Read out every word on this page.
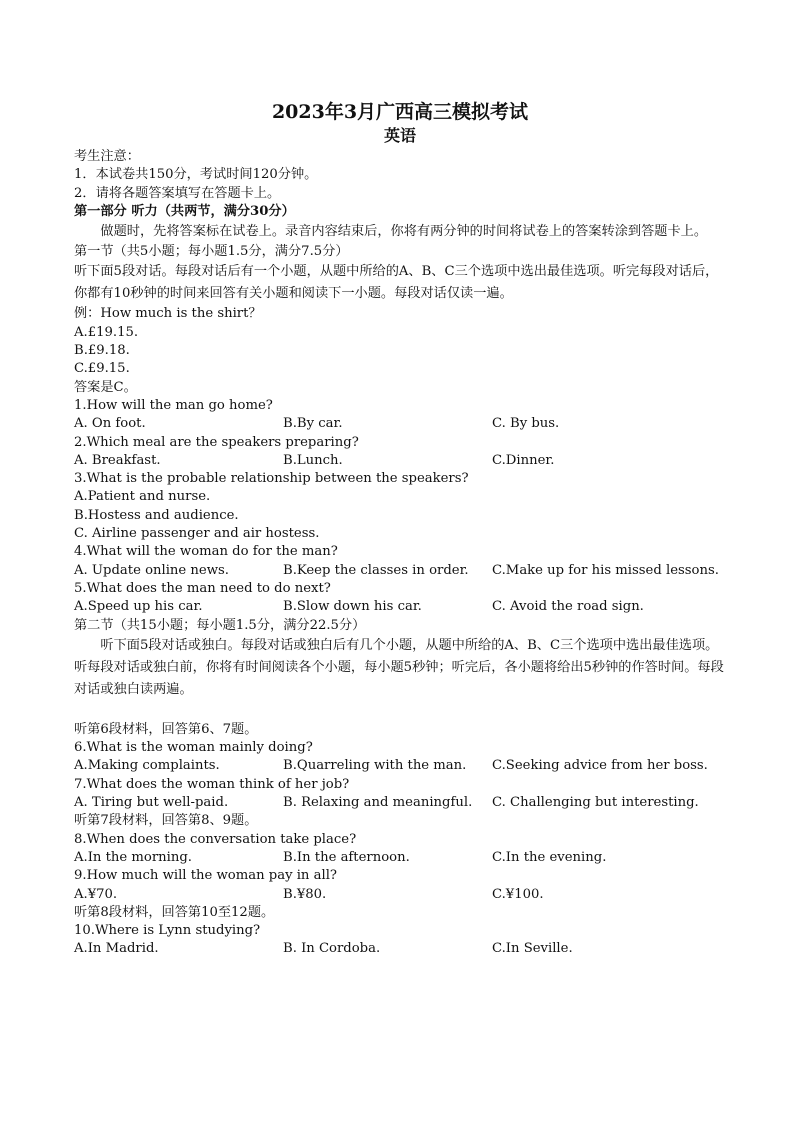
2023年3月广西高三模拟考试
英语
考生注意：
1．本试卷共150分，考试时间120分钟。
2．请将各题答案填写在答题卡上。
第一部分 听力（共两节，满分30分）
做题时，先将答案标在试卷上。录音内容结束后，你将有两分钟的时间将试卷上的答案转涂到答题卡上。
第一节（共5小题；每小题1.5分，满分7.5分）
听下面5段对话。每段对话后有一个小题，从题中所给的A、B、C三个选项中选出最佳选项。听完每段对话后，你都有10秒钟的时间来回答有关小题和阅读下一小题。每段对话仅读一遍。
例：How much is the shirt？
A.£19.15.
B.£9.18.
C.£9.15.
答案是C。
1.How will the man go home?
A. On foot.	B.By car.	C. By bus.
2.Which meal are the speakers preparing?
A. Breakfast.	B.Lunch.	C.Dinner.
3.What is the probable relationship between the speakers?
A.Patient and nurse.
B.Hostess and audience.
C. Airline passenger and air hostess.
4.What will the woman do for the man?
A. Update online news.	B.Keep the classes in order.	C.Make up for his missed lessons.
5.What does the man need to do next?
A.Speed up his car.	B.Slow down his car.	C. Avoid the road sign.
第二节（共15小题；每小题1.5分，满分22.5分）
听下面5段对话或独白。每段对话或独白后有几个小题，从题中所给的A、B、C三个选项中选出最佳选项。听每段对话或独白前，你将有时间阅读各个小题，每小题5秒钟；听完后，各小题将给出5秒钟的作答时间。每段对话或独白读两遍。
听第6段材料，回答第6、7题。
6.What is the woman mainly doing?
A.Making complaints.	B.Quarreling with the man.	C.Seeking advice from her boss.
7.What does the woman think of her job?
A. Tiring but well-paid.	B. Relaxing and meaningful.	C. Challenging but interesting.
听第7段材料，回答第8、9题。
8.When does the conversation take place?
A.In the morning.	B.In the afternoon.	C.In the evening.
9.How much will the woman pay in all?
A.¥70.	B.¥80.	C.¥100.
听第8段材料，回答第10至12题。
10.Where is Lynn studying?
A.In Madrid.	B. In Cordoba.	C.In Seville.
